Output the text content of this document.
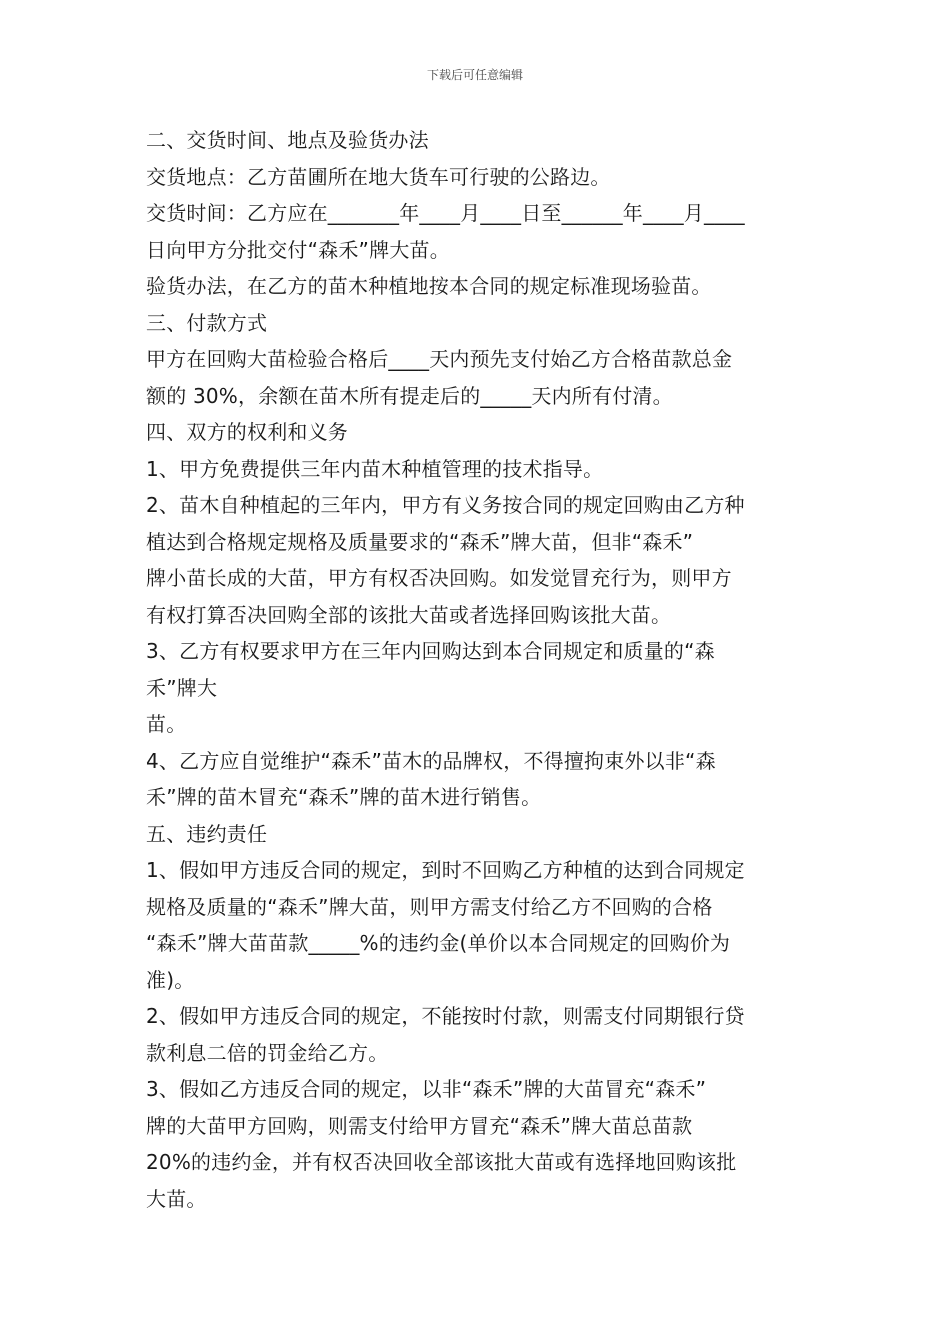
下载后可任意编辑
二、交货时间、地点及验货办法
交货地点：乙方苗圃所在地大货车可行驶的公路边。
交货时间：乙方应在_______年____月____日至______年____月____
日向甲方分批交付“森禾”牌大苗。
验货办法，在乙方的苗木种植地按本合同的规定标准现场验苗。
三、付款方式
甲方在回购大苗检验合格后____天内预先支付始乙方合格苗款总金
额的 30%，余额在苗木所有提走后的_____天内所有付清。
四、双方的权利和义务
1、甲方免费提供三年内苗木种植管理的技术指导。
2、苗木自种植起的三年内，甲方有义务按合同的规定回购由乙方种
植达到合格规定规格及质量要求的“森禾”牌大苗，但非“森禾”
牌小苗长成的大苗，甲方有权否决回购。如发觉冒充行为，则甲方
有权打算否决回购全部的该批大苗或者选择回购该批大苗。
3、乙方有权要求甲方在三年内回购达到本合同规定和质量的“森
禾”牌大
苗。
4、乙方应自觉维护“森禾”苗木的品牌权，不得擅拘束外以非“森
禾”牌的苗木冒充“森禾”牌的苗木进行销售。
五、违约责任
1、假如甲方违反合同的规定，到时不回购乙方种植的达到合同规定
规格及质量的“森禾”牌大苗，则甲方需支付给乙方不回购的合格
“森禾”牌大苗苗款_____%的违约金(单价以本合同规定的回购价为
准)。
2、假如甲方违反合同的规定，不能按时付款，则需支付同期银行贷
款利息二倍的罚金给乙方。
3、假如乙方违反合同的规定，以非“森禾”牌的大苗冒充“森禾”
牌的大苗甲方回购，则需支付给甲方冒充“森禾”牌大苗总苗款
20%的违约金，并有权否决回收全部该批大苗或有选择地回购该批
大苗。
